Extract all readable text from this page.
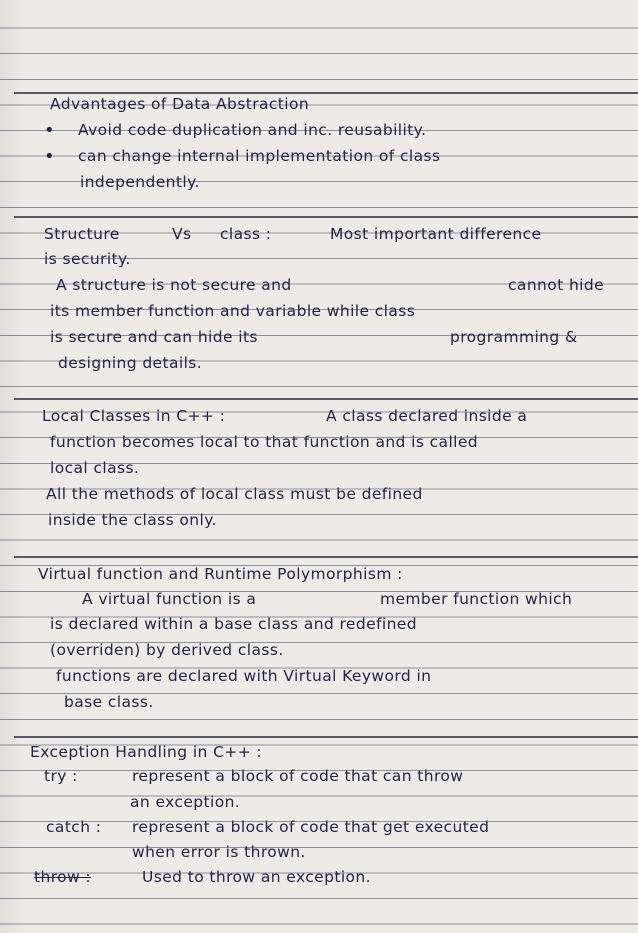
Advantages of Data Abstraction
• Avoid code duplication and inc. reusability.
• can change internal implementation of class
independently.
Structure	Vs class :	Most important difference
is security.
A structure is not secure and	cannot hide
its member function and variable while class
is secure and can hide its	programming &
designing details.
Local Classes in C++ :	A class declared inside a
function becomes local to that function and is called
local class.
All the methods of local class must be defined
inside the class only.
Virtual function and Runtime Polymorphism :
A virtual function is a	member function which
is declared within a base class and redefined
(overriden) by derived class.
functions are declared with Virtual Keyword in
base class.
Exception Handling in C++ :
try :	represent a block of code that can throw
an exception.
catch : represent a block of code that get executed
when error is thrown.
throw :	Used to throw an exception.
